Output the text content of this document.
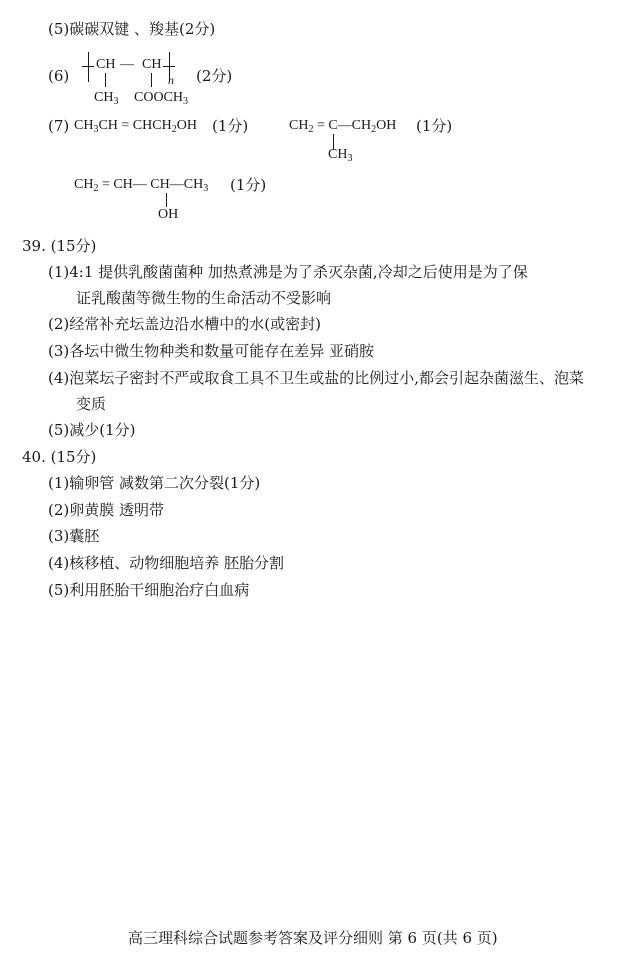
(5)碳碳双键 、羧基(2分)
(6)
CH — CH
n
$CH_3$ $COOCH_3$
(2分)
(7) $CH_3CH$ = $CHCH_2OH$ (1分)	$CH_2$ = $C—CH_2OH$
$CH_3$
(1分)
$CH_2$ = CH— $CH—CH_3$
OH
(1分)
39. (15分)
(1)4:1 提供乳酸菌菌种 加热煮沸是为了杀灭杂菌,冷却之后使用是为了保
证乳酸菌等微生物的生命活动不受影响
(2)经常补充坛盖边沿水槽中的水(或密封)
(3)各坛中微生物种类和数量可能存在差异 亚硝胺
(4)泡菜坛子密封不严或取食工具不卫生或盐的比例过小,都会引起杂菌滋生、泡菜
变质
(5)减少(1分)
40. (15分)
(1)输卵管 减数第二次分裂(1分)
(2)卵黄膜 透明带
(3)囊胚
(4)核移植、动物细胞培养 胚胎分割
(5)利用胚胎干细胞治疗白血病
高三理科综合试题参考答案及评分细则 第 6 页(共 6 页)
